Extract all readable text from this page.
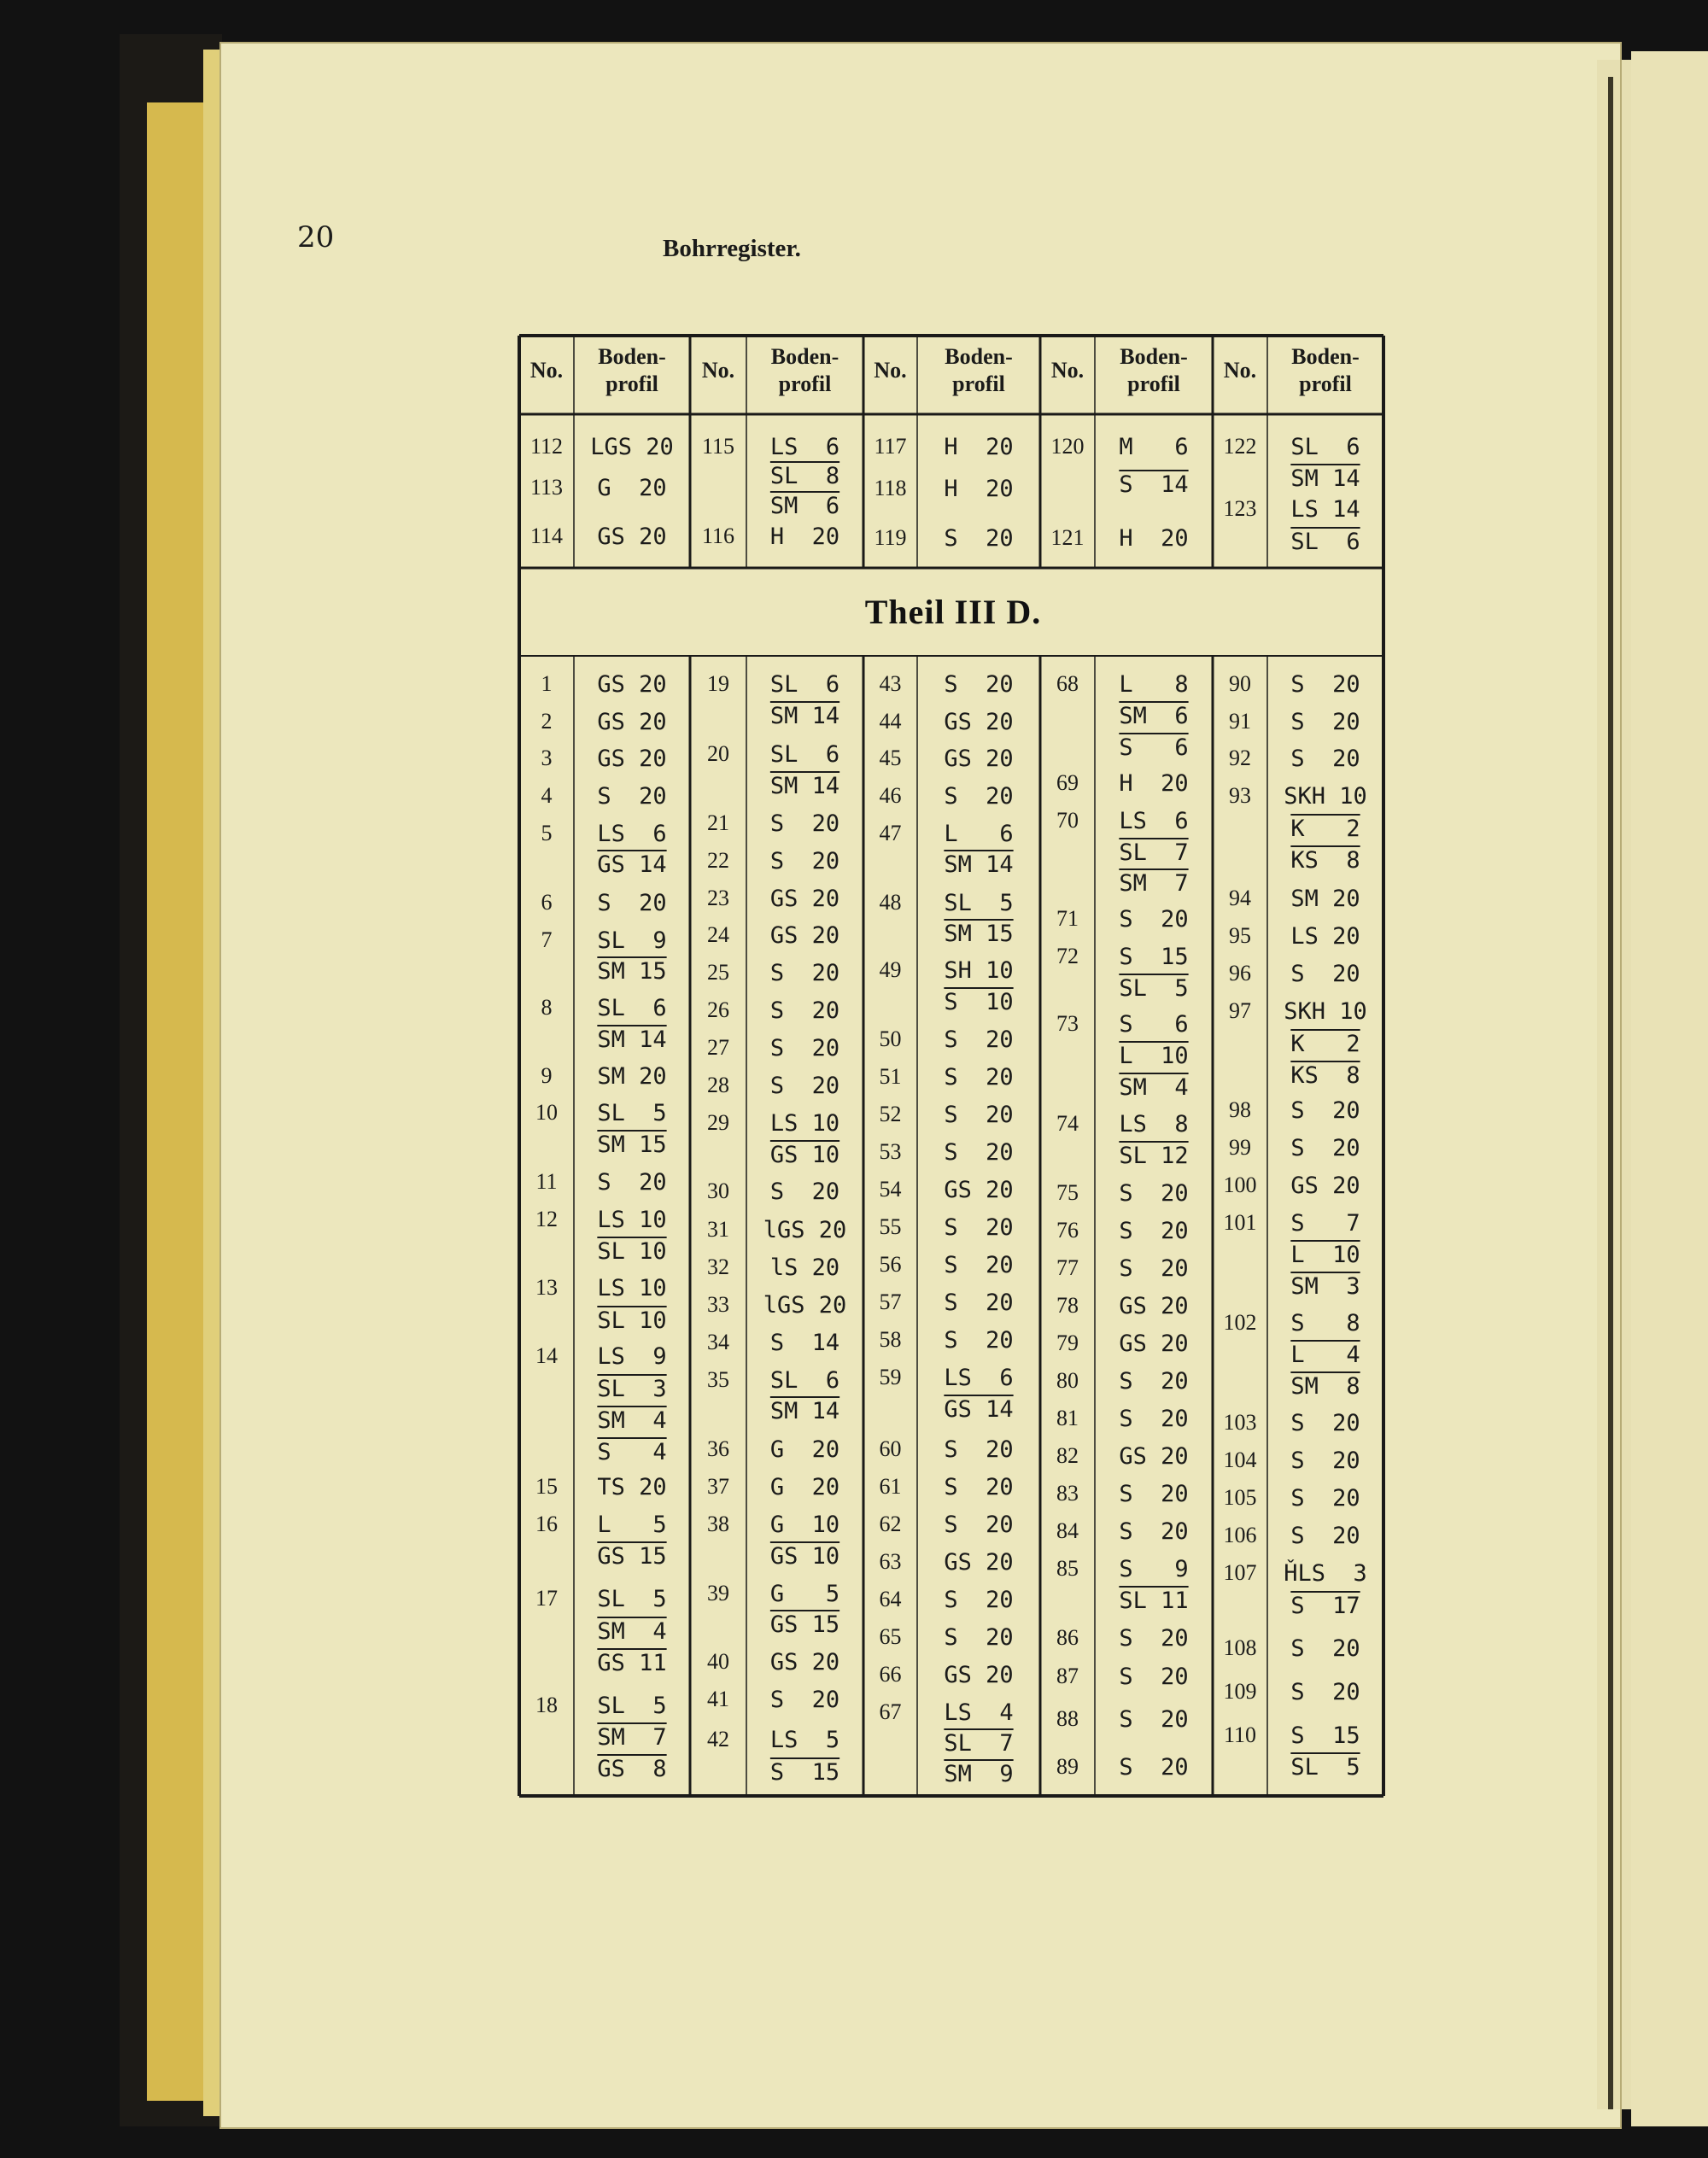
20	Bohrregister.
No.
Boden-
profil
No.
Boden-
profil
No.
Boden-
profil
No.
Boden-
profil
No.
Boden-
profil
Theil III D.
112	LGS 20
113	G  20
114	GS 20
115	LS  6
SL  8
SM  6
116	H  20
117	H  20
118	H  20
119	S  20
120	M   6
S  14
121	H  20
122	SL  6
SM 14
123	LS 14
SL  6
1	GS 20
2	GS 20
3	GS 20
4	S  20
5	LS  6
GS 14
6	S  20
7	SL  9
SM 15
8	SL  6
SM 14
9	SM 20
10	SL  5
SM 15
11	S  20
12	LS 10
SL 10
13	LS 10
SL 10
14	LS  9
SL  3
SM  4
S   4
15	TS 20
16	L   5
GS 15
17	SL  5
SM  4
GS 11
18	SL  5
SM  7
GS  8
19	SL  6
SM 14
20	SL  6
SM 14
21	S  20
22	S  20
23	GS 20
24	GS 20
25	S  20
26	S  20
27	S  20
28	S  20
29	LS 10
GS 10
30	S  20
31	lGS 20
32	lS 20
33	lGS 20
34	S  14
35	SL  6
SM 14
36	G  20
37	G  20
38	G  10
GS 10
39	G   5
GS 15
40	GS 20
41	S  20
42	LS  5
S  15
43	S  20
44	GS 20
45	GS 20
46	S  20
47	L   6
SM 14
48	SL  5
SM 15
49	SH 10
S  10
50	S  20
51	S  20
52	S  20
53	S  20
54	GS 20
55	S  20
56	S  20
57	S  20
58	S  20
59	LS  6
GS 14
60	S  20
61	S  20
62	S  20
63	GS 20
64	S  20
65	S  20
66	GS 20
67	LS  4
SL  7
SM  9
68	L   8
SM  6
S   6
69	H  20
70	LS  6
SL  7
SM  7
71	S  20
72	S  15
SL  5
73	S   6
L  10
SM  4
74	LS  8
SL 12
75	S  20
76	S  20
77	S  20
78	GS 20
79	GS 20
80	S  20
81	S  20
82	GS 20
83	S  20
84	S  20
85	S   9
SL 11
86	S  20
87	S  20
88	S  20
89	S  20
90	S  20
91	S  20
92	S  20
93	SKH 10
K   2
KS  8
94	SM 20
95	LS 20
96	S  20
97	SKH 10
K   2
KS  8
98	S  20
99	S  20
100	GS 20
101	S   7
L  10
SM  3
102	S   8
L   4
SM  8
103	S  20
104	S  20
105	S  20
106	S  20
107	ȞLS  3
S  17
108	S  20
109	S  20
110	S  15
SL  5
